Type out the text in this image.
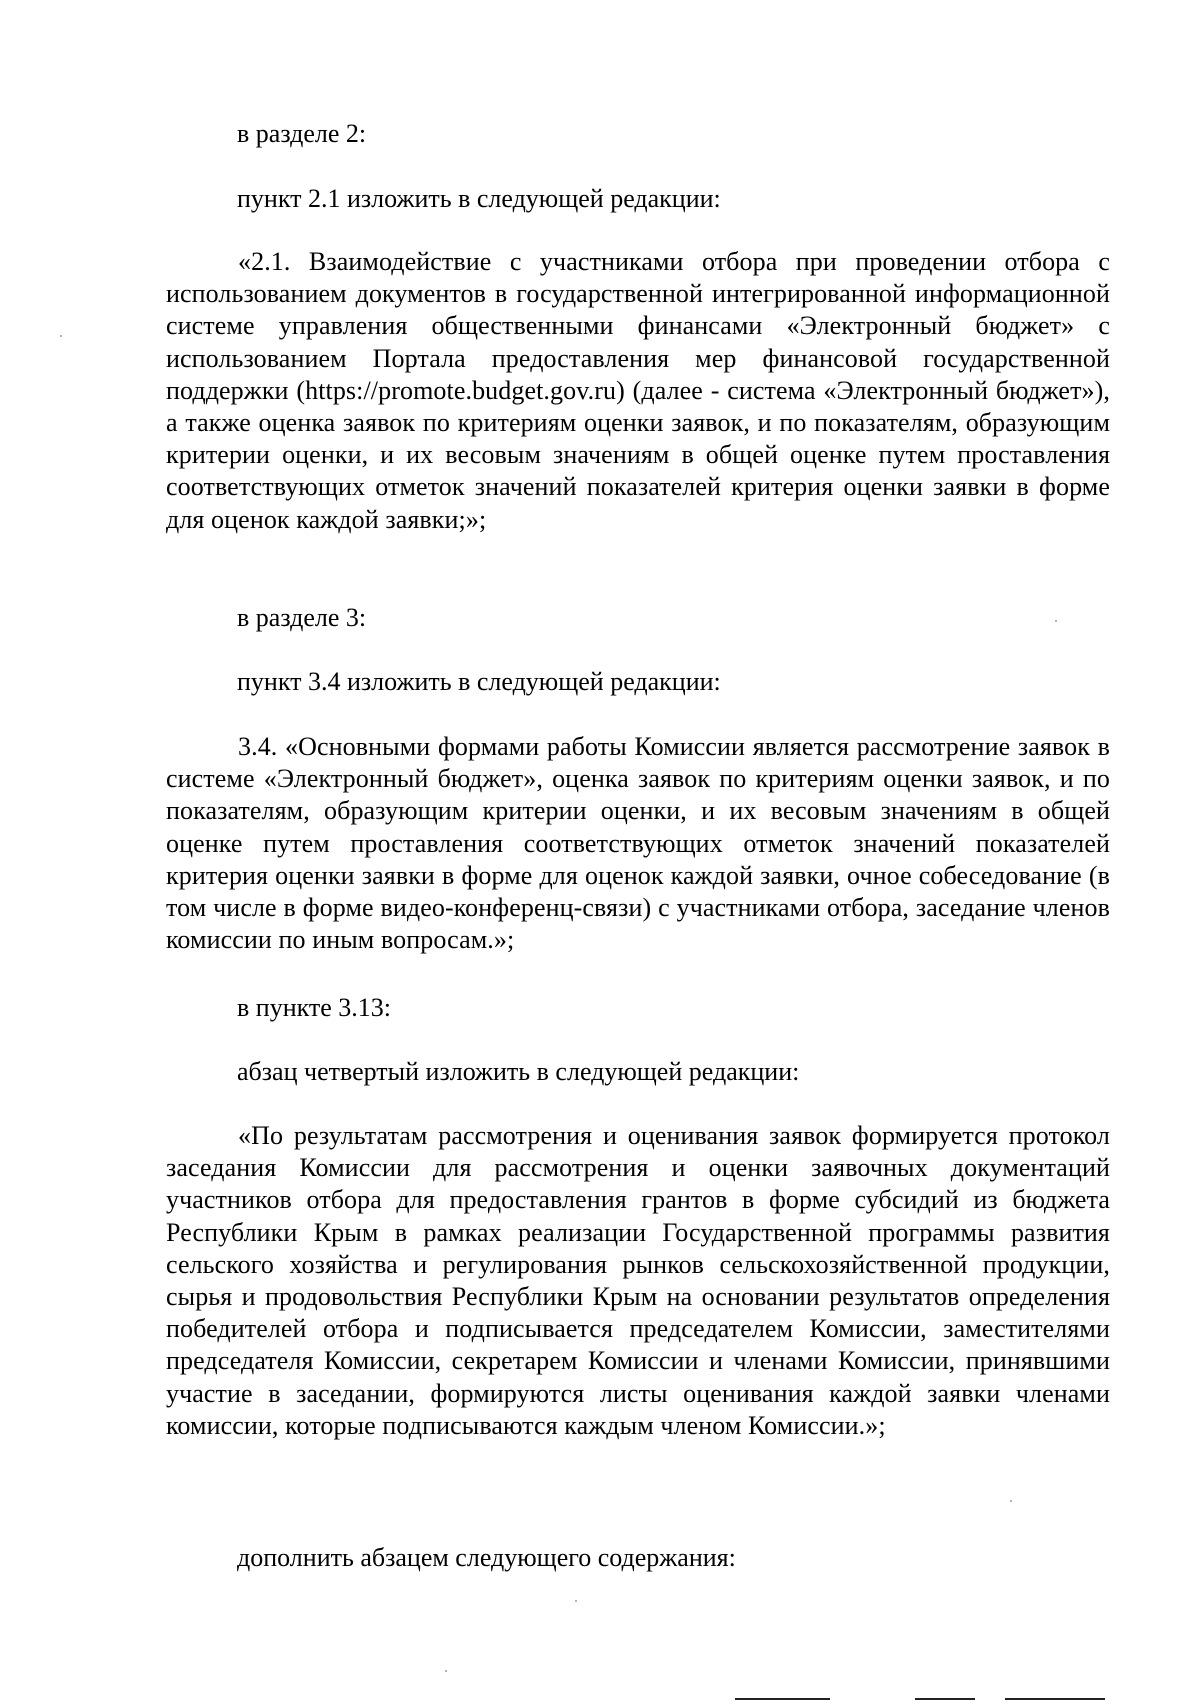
в разделе 2:

пункт 2.1 изложить в следующей редакции:

«2.1. Взаимодействие с участниками отбора при проведении отбора с использованием документов в государственной интегрированной информационной системе управления общественными финансами «Электронный бюджет» с использованием Портала предоставления мер финансовой государственной поддержки (https://promote.budget.gov.ru) (далее - система «Электронный бюджет»), а также оценка заявок по критериям оценки заявок, и по показателям, образующим критерии оценки, и их весовым значениям в общей оценке путем проставления соответствующих отметок значений показателей критерия оценки заявки в форме для оценок каждой заявки;»;

в разделе 3:

пункт 3.4 изложить в следующей редакции:

3.4. «Основными формами работы Комиссии является рассмотрение заявок в системе «Электронный бюджет», оценка заявок по критериям оценки заявок, и по показателям, образующим критерии оценки, и их весовым значениям в общей оценке путем проставления соответствующих отметок значений показателей критерия оценки заявки в форме для оценок каждой заявки, очное собеседование (в том числе в форме видео-конференц-связи) с участниками отбора, заседание членов комиссии по иным вопросам.»;

в пункте 3.13:

абзац четвертый изложить в следующей редакции:

«По результатам рассмотрения и оценивания заявок формируется протокол заседания Комиссии для рассмотрения и оценки заявочных документаций участников отбора для предоставления грантов в форме субсидий из бюджета Республики Крым в рамках реализации Государственной программы развития сельского хозяйства и регулирования рынков сельскохозяйственной продукции, сырья и продовольствия Республики Крым на основании результатов определения победителей отбора и подписывается председателем Комиссии, заместителями председателя Комиссии, секретарем Комиссии и членами Комиссии, принявшими участие в заседании, формируются листы оценивания каждой заявки членами комиссии, которые подписываются каждым членом Комиссии.»;

дополнить абзацем следующего содержания:
